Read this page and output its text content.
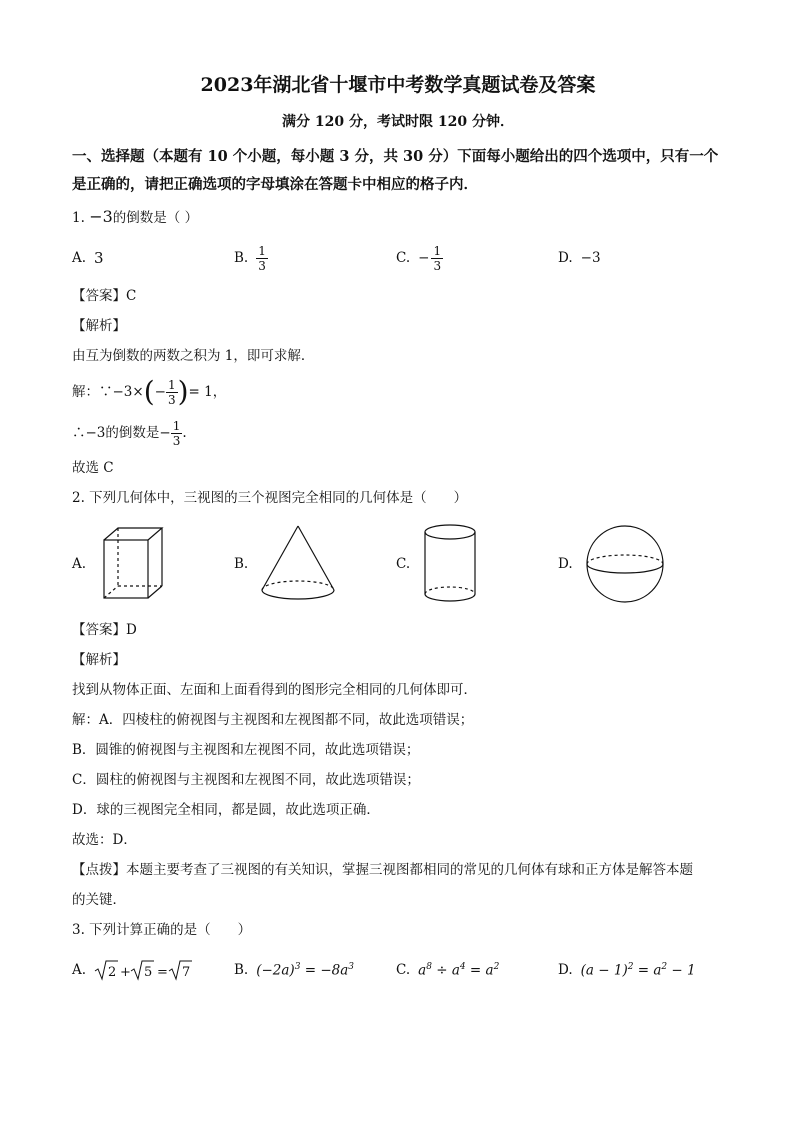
2023年湖北省十堰市中考数学真题试卷及答案
满分 120 分，考试时限 120 分钟．
一、选择题（本题有 10 个小题，每小题 3 分，共 30 分）下面每小题给出的四个选项中，只有一个是正确的，请把正确选项的字母填涂在答题卡中相应的格子内．
1. −3的倒数是（ ）
A. 3	B. $\frac{1}{3}$	C. − $\frac{1}{3}$	D. −3
【答案】C
【解析】
由互为倒数的两数之积为 1，即可求解．
解：∵−3× ( − $\frac{1}{3}$ ) = 1，
∴−3的倒数是− $\frac{1}{3}$ .
故选 C
2. 下列几何体中，三视图的三个视图完全相同的几何体是（　　）
A.	B.	C.	D.
【答案】D
【解析】
找到从物体正面、左面和上面看得到的图形完全相同的几何体即可．
解：A．四棱柱的俯视图与主视图和左视图都不同，故此选项错误；
B．圆锥的俯视图与主视图和左视图不同，故此选项错误；
C．圆柱的俯视图与主视图和左视图不同，故此选项错误；
D．球的三视图完全相同，都是圆，故此选项正确．
故选：D．
【点拨】本题主要考查了三视图的有关知识，掌握三视图都相同的常见的几何体有球和正方体是解答本题
的关键．
3. 下列计算正确的是（　　）
A. 2 + 5 = 7	B. $(-2a)^3 = -8a^3$	C. $a^8 \div a^4 = a^2$	D. $(a - 1)^2 = a^2 - 1$
